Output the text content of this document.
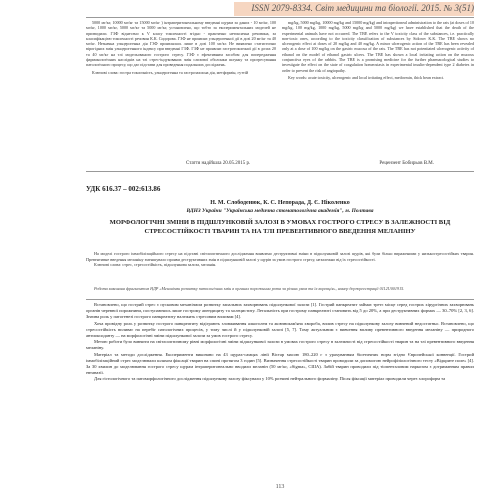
ISSN 2079-8334. Світ медицини та біології. 2015. № 3(51)

5000 мг/кг, 10000 мг/кг та 15000 мг/кг ) інтраперитонеальному введенні щурам за даних - 10 мг/кг, 100 мг/кг, 1000 мг/кг, 5000 мг/кг та 5000 мг/кг, установлено, що тобто за експериментальних моделей не призводили. ГЗФ віднесено к V класу токсичності згідно - практично нетоксична речовина, за класифікацією токсичності речовин К.К. Сидорова. ГЗФ не проявляє ульцерогенної дії в дозі 20 мг/кг та 40 мг/кг. Незначна ульцерогенна дія ГЗФ проявлялась лише в дозі 100 мг/кг. Не виявлено статистично вірогідних змін ульцерогенного індексу при введенні ГЗФ. ГЗФ не проявляє гастротоксичної дії в дозах 20 та 40 мг/кг на тлі модельованого гострого стресу. ГЗФ є ефективним засобом для попередження фармакологічних наслідків на тлі стрес-індукованих змін слизової оболонки шлунку та прогресування патологічного процесу, що дає підстави для проведення подальших досліджень.

Ключові слова: гостра токсичність, ульцерогенна та гастрозахисна дія, метформін, гуттій

mg/kg, 5000 mg/kg, 10000 mg/kg and 15000 mg/kg) and intraperitoneal administration to the rats (at doses of 10 mg/kg, 100 mg/kg, 1000 mg/kg, 5000 mg/kg and 5000 mg/kg) we have established that the death of the experimental animals have not occurred. The TBE refers to the V toxicity class of the substances, i.e. practically non-toxic ones, according to the toxicity classification of substances by Sidorov K.K. The TBE shows no ulcerogenic effect at doses of 20 mg/kg and 40 mg/kg. A minor ulcerogenic action of the TBE has been revealed only at a dose of 100 mg/kg on the gastric mucosa of the rats. The TBE has not potentiated ulcerogenic activity of ethanol on the model of ethanol gastric ulcers. The TBE has shown a local irritating action on the mucous conjunctiva eyes of the rabbits. The TBE is a promising medicine for the further pharmacological studies to investigate the effect on the state of coagulation homeostasis in experimental insulin-dependent type 2 diabetes in order to prevent the risk of angiopathy.

Key words: acute toxicity, ulcerogenic and local irritating effect, metformin, thick bean extract.

Стаття надійшла 20.05.2015 р.	Рецензент Бобирьов В.М.
УДК 616.37 – 002:613.86
Н. М. Слободенюк, К. С. Непорада, Д. Є. Ніколенко
ВДНЗ України "Українська медична стоматологічна академія", м. Полтава
МОРФОЛОГІЧНІ ЗМІНИ В ПІДШЛУНКОВІЙ ЗАЛОЗІ В УМОВАХ ГОСТРОГО СТРЕСУ В ЗАЛЕЖНОСТІ ВІД СТРЕСОСТІЙКОСТІ ТВАРИН ТА НА ТЛІ ПРЕВЕНТИВНОГО ВВЕДЕННЯ МЕЛАНІНУ

На моделі гострого іммобілізаційного стресу на підставі світлооптичного дослідження виявлено деструктивні зміни в підшлунковій залозі щурів, які були більш вираженими у низькостресостійких тварин. Превентивне введення меланіну зменшувало прояви деструктивних змін в підшлунковій залозі у щурів за умов гострого стресу, незалежно від їх стресостійкості.

Ключові слова: стрес, стресостійкість, підшлункова залоза, меланін.

Робота виконана фрагментом НДР «Механізми розвитку патологічних змін в органах порожнини рота за різних умов та їх корекція», номер держреєстрації 0112U001915.

Встановлено, що гострий стрес є пусковим механізмом розвитку запальних захворювань підшлункової залози [1]. Гострий панкреатит займає третє місце серед гострих хірургічних захворювань органів черевної порожнини, поступаючись лише гострому апендициту та холециститу. Летальність при гострому панкреатиті становить від 5 до 20%, а при деструктивних формах — 30–70% [2, 3, 6]. Значна роль у патогенезі гострого панкреатиту належить стресовим впливам [4].

Хоча провідну роль у розвитку гострого панкреатиту відіграють зловживання алкоголем та жовчнокам'яна хвороба, вплив стресу на підшлункову залозу вивчений недостатньо. Встановлено, що стресостійкість впливає на перебіг патологічних процесів, у тому числі й у підшлунковій залозі [5, 7]. Тому актуальним є вивчення впливу превентивного введення меланіну — природного антиоксиданту — на морфологічні зміни підшлункової залози за умов гострого стресу.

Метою роботи було вивчити на світлооптичному рівні морфологічні зміни підшлункової залози в умовах гострого стресу в залежності від стресостійкості тварин та на тлі превентивного введення меланіну.

Матеріал та методи дослідження. Експерименти виконано на 43 щурах-самцях лінії Вістар масою 180–220 г з урахуванням біоетичних норм згідно Європейської конвенції. Гострий іммобілізаційний стрес моделювали шляхом фіксації тварин на спині протягом 3 годин [5]. Визначення стресостійкості тварин проводили за допомогою нейрофізіологічного тесту «Відкрите поле» [4]. За 30 хвилин до моделювання гострого стресу щурам інтраперитонеально вводили меланін (50 мг/кг, «Sigma», США). Забій тварин проводили під тіопенталовим наркозом з дотриманням правил евтаназії.

Для гістологічного та патоморфологічного дослідження підшлункову залозу фіксували у 10% розчині нейтрального формаліну. Після фіксації матеріал проводили через хлороформ та

113
